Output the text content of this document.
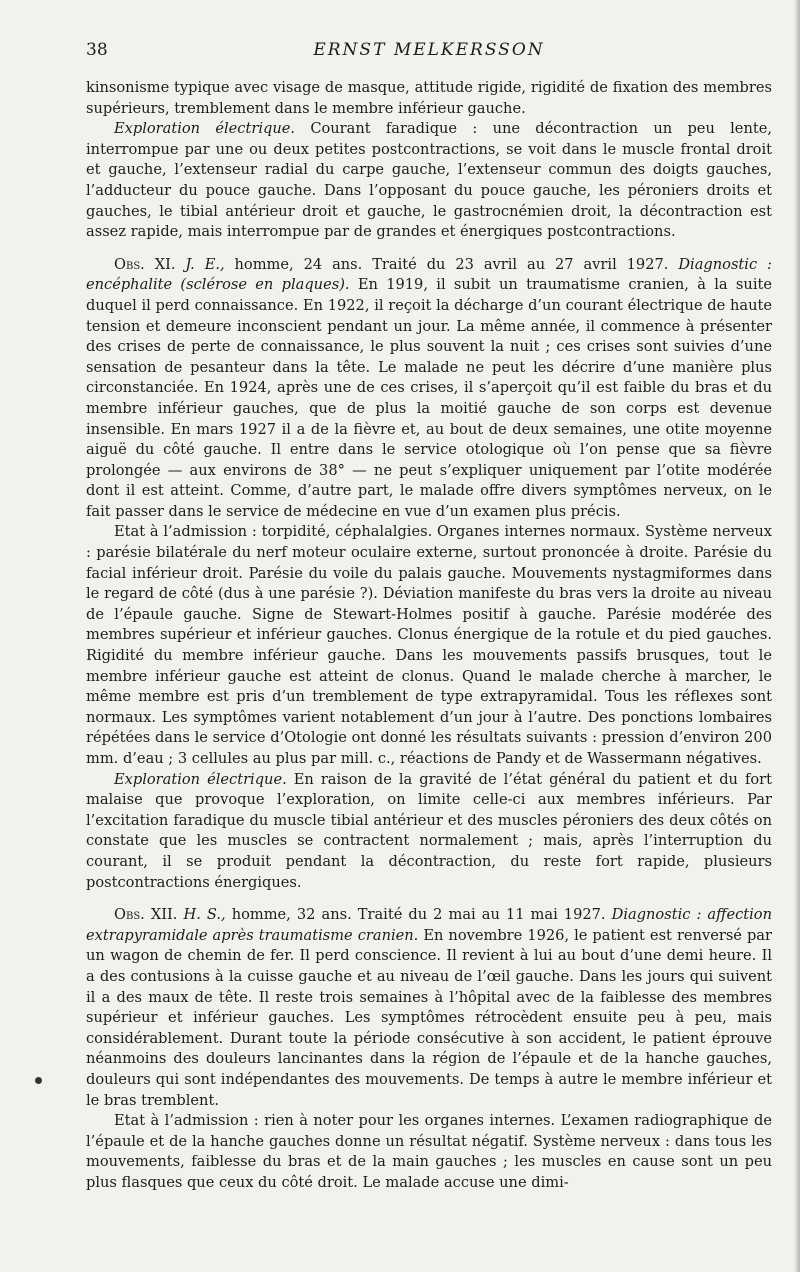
38	ERNST MELKERSSON

kinsonisme typique avec visage de masque, attitude rigide, rigidité de fixation des membres supérieurs, tremblement dans le membre inférieur gauche.

Exploration électrique. Courant faradique : une décontraction un peu lente, interrompue par une ou deux petites postcontractions, se voit dans le muscle frontal droit et gauche, l’extenseur radial du carpe gauche, l’extenseur commun des doigts gauches, l’adducteur du pouce gauche. Dans l’opposant du pouce gauche, les péroniers droits et gauches, le tibial antérieur droit et gauche, le gastrocnémien droit, la décontraction est assez rapide, mais interrompue par de grandes et énergiques postcontractions.

Obs. XI. J. E., homme, 24 ans. Traité du 23 avril au 27 avril 1927. Diagnostic : encéphalite (sclérose en plaques). En 1919, il subit un traumatisme cranien, à la suite duquel il perd connaissance. En 1922, il reçoit la décharge d’un courant électrique de haute tension et demeure inconscient pendant un jour. La même année, il commence à présenter des crises de perte de connaissance, le plus souvent la nuit ; ces crises sont suivies d’une sensation de pesanteur dans la tête. Le malade ne peut les décrire d’une manière plus circonstanciée. En 1924, après une de ces crises, il s’aperçoit qu’il est faible du bras et du membre inférieur gauches, que de plus la moitié gauche de son corps est devenue insensible. En mars 1927 il a de la fièvre et, au bout de deux semaines, une otite moyenne aiguë du côté gauche. Il entre dans le service otologique où l’on pense que sa fièvre prolongée — aux environs de 38° — ne peut s’expliquer uniquement par l’otite modérée dont il est atteint. Comme, d’autre part, le malade offre divers symptômes nerveux, on le fait passer dans le service de médecine en vue d’un examen plus précis.

Etat à l’admission : torpidité, céphalalgies. Organes internes normaux. Système nerveux : parésie bilatérale du nerf moteur oculaire externe, surtout prononcée à droite. Parésie du facial inférieur droit. Parésie du voile du palais gauche. Mouvements nystagmiformes dans le regard de côté (dus à une parésie ?). Déviation manifeste du bras vers la droite au niveau de l’épaule gauche. Signe de Stewart-Holmes positif à gauche. Parésie modérée des membres supérieur et inférieur gauches. Clonus énergique de la rotule et du pied gauches. Rigidité du membre inférieur gauche. Dans les mouvements passifs brusques, tout le membre inférieur gauche est atteint de clonus. Quand le malade cherche à marcher, le même membre est pris d’un tremblement de type extrapyramidal. Tous les réflexes sont normaux. Les symptômes varient notablement d’un jour à l’autre. Des ponctions lombaires répétées dans le service d’Otologie ont donné les résultats suivants : pression d’environ 200 mm. d’eau ; 3 cellules au plus par mill. c., réactions de Pandy et de Wassermann négatives.

Exploration électrique. En raison de la gravité de l’état général du patient et du fort malaise que provoque l’exploration, on limite celle-ci aux membres inférieurs. Par l’excitation faradique du muscle tibial antérieur et des muscles péroniers des deux côtés on constate que les muscles se contractent normalement ; mais, après l’interruption du courant, il se produit pendant la décontraction, du reste fort rapide, plusieurs postcontractions énergiques.

Obs. XII. H. S., homme, 32 ans. Traité du 2 mai au 11 mai 1927. Diagnostic : affection extrapyramidale après traumatisme cranien. En novembre 1926, le patient est renversé par un wagon de chemin de fer. Il perd conscience. Il revient à lui au bout d’une demi heure. Il a des contusions à la cuisse gauche et au niveau de l’œil gauche. Dans les jours qui suivent il a des maux de tête. Il reste trois semaines à l’hôpital avec de la faiblesse des membres supérieur et inférieur gauches. Les symptômes rétrocèdent ensuite peu à peu, mais considérablement. Durant toute la période consécutive à son accident, le patient éprouve néanmoins des douleurs lancinantes dans la région de l’épaule et de la hanche gauches, douleurs qui sont indépendantes des mouvements. De temps à autre le membre inférieur et le bras tremblent.

Etat à l’admission : rien à noter pour les organes internes. L’examen radiographique de l’épaule et de la hanche gauches donne un résultat négatif. Système nerveux : dans tous les mouvements, faiblesse du bras et de la main gauches ; les muscles en cause sont un peu plus flasques que ceux du côté droit. Le malade accuse une dimi-
